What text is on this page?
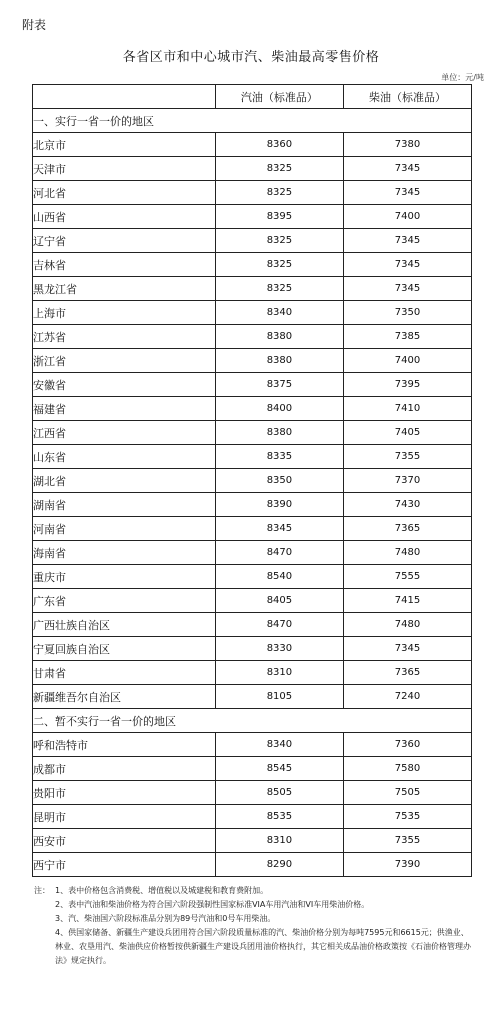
附表
各省区市和中心城市汽、柴油最高零售价格
单位：元/吨
	汽油（标准品）	柴油（标准品）
一、实行一省一价的地区		
北京市	8360	7380
天津市	8325	7345
河北省	8325	7345
山西省	8395	7400
辽宁省	8325	7345
吉林省	8325	7345
黑龙江省	8325	7345
上海市	8340	7350
江苏省	8380	7385
浙江省	8380	7400
安徽省	8375	7395
福建省	8400	7410
江西省	8380	7405
山东省	8335	7355
湖北省	8350	7370
湖南省	8390	7430
河南省	8345	7365
海南省	8470	7480
重庆市	8540	7555
广东省	8405	7415
广西壮族自治区	8470	7480
宁夏回族自治区	8330	7345
甘肃省	8310	7365
新疆维吾尔自治区	8105	7240
二、暂不实行一省一价的地区		
呼和浩特市	8340	7360
成都市	8545	7580
贵阳市	8505	7505
昆明市	8535	7535
西安市	8310	7355
西宁市	8290	7390

注： 1、表中价格包含消费税、增值税以及城建税和教育费附加。

2、表中汽油和柴油价格为符合国六阶段强制性国家标准VIA车用汽油和VI车用柴油价格。

3、汽、柴油国六阶段标准品分别为89号汽油和0号车用柴油。

4、供国家储备、新疆生产建设兵团用符合国六阶段质量标准的汽、柴油价格分别为每吨7595元和6615元；供渔业、林业、农垦用汽、柴油供应价格暂按供新疆生产建设兵团用油价格执行，其它相关成品油价格政策按《石油价格管理办法》规定执行。
